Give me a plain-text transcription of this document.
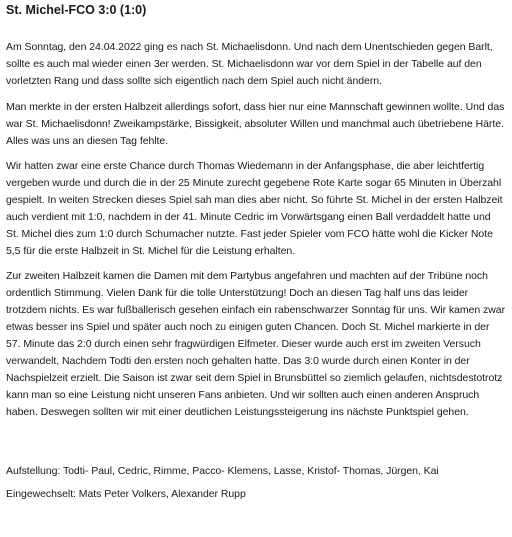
St. Michel-FCO 3:0 (1:0)

Am Sonntag, den 24.04.2022 ging es nach St. Michaelisdonn. Und nach dem Unentschieden gegen Barlt, sollte es auch mal wieder einen 3er werden. St. Michaelisdonn war vor dem Spiel in der Tabelle auf den vorletzten Rang und dass sollte sich eigentlich nach dem Spiel auch nicht ändern.

Man merkte in der ersten Halbzeit allerdings sofort, dass hier nur eine Mannschaft gewinnen wollte. Und das war St. Michaelisdonn! Zweikampstärke, Bissigkeit, absoluter Willen und manchmal auch übetriebene Härte. Alles was uns an diesen Tag fehlte.

Wir hatten zwar eine erste Chance durch Thomas Wiedemann in der Anfangsphase, die aber leichtfertig vergeben wurde und durch die in der 25 Minute zurecht gegebene Rote Karte sogar 65 Minuten in Überzahl gespielt. In weiten Strecken dieses Spiel sah man dies aber nicht. So führte St. Michel in der ersten Halbzeit auch verdient mit 1:0, nachdem in der 41. Minute Cedric im Vorwärtsgang einen Ball verdaddelt hatte und St. Michel dies zum 1:0 durch Schumacher nutzte. Fast jeder Spieler vom FCO hätte wohl die Kicker Note 5,5 für die erste Halbzeit in St. Michel für die Leistung erhalten.

Zur zweiten Halbzeit kamen die Damen mit dem Partybus angefahren und machten auf der Tribüne noch ordentlich Stimmung. Vielen Dank für die tolle Unterstützung! Doch an diesen Tag half uns das leider trotzdem nichts. Es war fußballerisch gesehen einfach ein rabenschwarzer Sonntag für uns. Wir kamen zwar etwas besser ins Spiel und später auch noch zu einigen guten Chancen. Doch St. Michel markierte in der 57. Minute das 2:0 durch einen sehr fragwürdigen Elfmeter. Dieser wurde auch erst im zweiten Versuch verwandelt, Nachdem Todti den ersten noch gehalten hatte. Das 3:0 wurde durch einen Konter in der Nachspielzeit erzielt. Die Saison ist zwar seit dem Spiel in Brunsbüttel so ziemlich gelaufen, nichtsdestotrotz kann man so eine Leistung nicht unseren Fans anbieten. Und wir sollten auch einen anderen Anspruch haben. Deswegen sollten wir mit einer deutlichen Leistungssteigerung ins nächste Punktspiel gehen.

Aufstellung: Todti- Paul, Cedric, Rimme, Pacco- Klemens, Lasse, Kristof- Thomas, Jürgen, Kai

Eingewechselt: Mats Peter Volkers, Alexander Rupp
